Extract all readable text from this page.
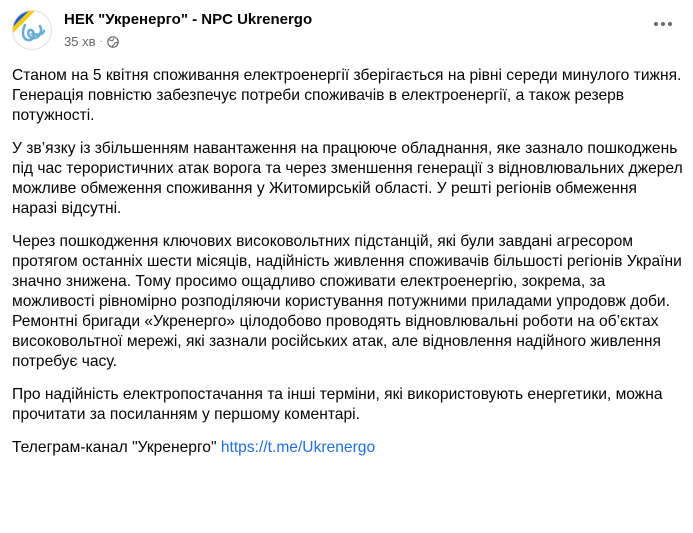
НЕК "Укренерго" - NPC Ukrenergo
35 хв ·

Станом на 5 квітня споживання електроенергії зберігається на рівні середи минулого тижня. Генерація повністю забезпечує потреби споживачів в електроенергії, а також резерв потужності.

У зв’язку із збільшенням навантаження на працююче обладнання, яке зазнало пошкоджень під час терористичних атак ворога та через зменшення генерації з відновлювальних джерел можливе обмеження споживання у Житомирській області. У решті регіонів обмеження наразі відсутні.

Через пошкодження ключових високовольтних підстанцій, які були завдані агресором протягом останніх шести місяців, надійність живлення споживачів більшості регіонів України значно знижена. Тому просимо ощадливо споживати електроенергію, зокрема, за можливості рівномірно розподіляючи користування потужними приладами упродовж доби. Ремонтні бригади «Укренерго» цілодобово проводять відновлювальні роботи на об’єктах високовольтної мережі, які зазнали російських атак, але відновлення надійного живлення потребує часу.

Про надійність електропостачання та інші терміни, які використовують енергетики, можна прочитати за посиланням у першому коментарі.

Телеграм-канал "Укренерго" https://t.me/Ukrenergo
